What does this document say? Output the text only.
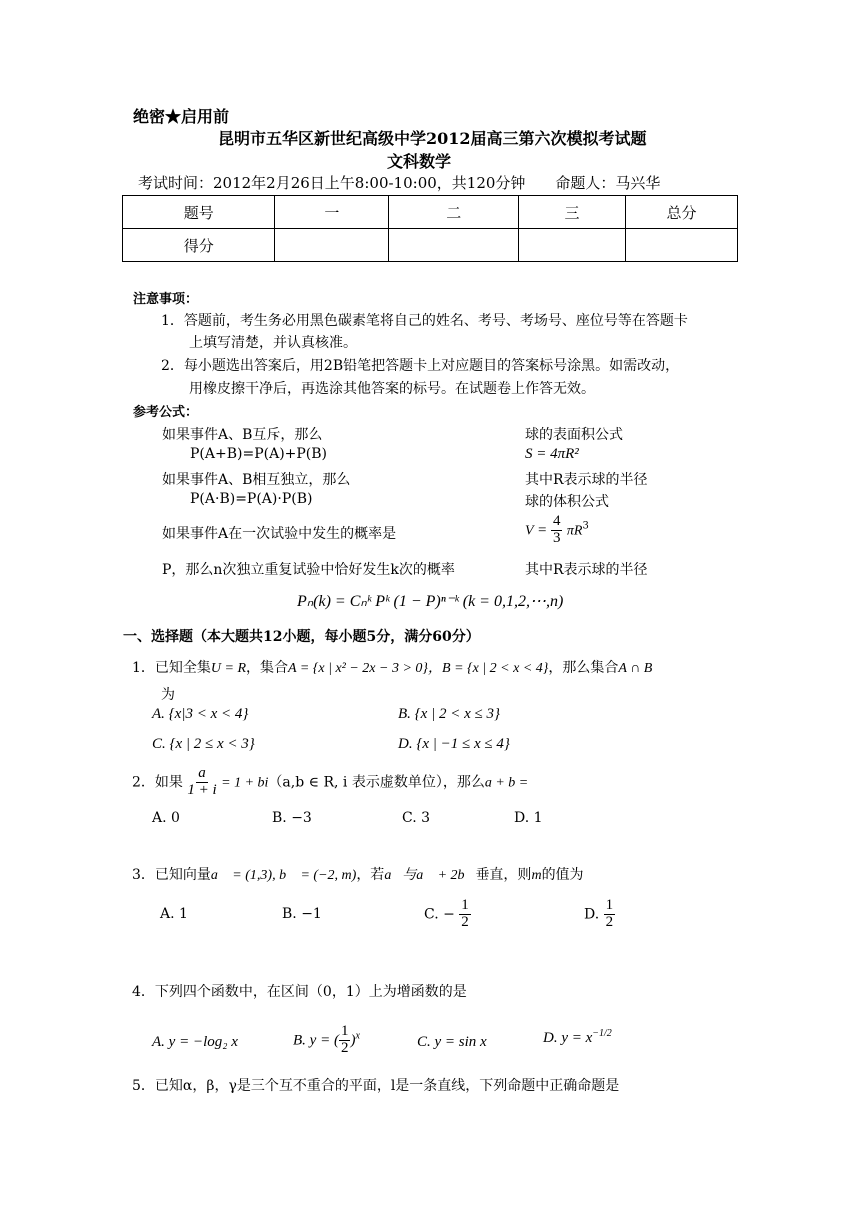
绝密★启用前
昆明市五华区新世纪高级中学2012届高三第六次模拟考试题
文科数学
考试时间：2012年2月26日上午8:00-10:00，共120分钟　　命题人：马兴华
题号	一	二	三	总分
得分				
注意事项：
1．答题前，考生务必用黑色碳素笔将自己的姓名、考号、考场号、座位号等在答题卡
上填写清楚，并认真核准。
2．每小题选出答案后，用2B铅笔把答题卡上对应题目的答案标号涂黑。如需改动，
用橡皮擦干净后，再选涂其他答案的标号。在试题卷上作答无效。
参考公式：
如果事件A、B互斥，那么
P(A+B)=P(A)+P(B)
如果事件A、B相互独立，那么
P(A·B)=P(A)·P(B)
如果事件A在一次试验中发生的概率是
P，那么n次独立重复试验中恰好发生k次的概率
球的表面积公式
S = 4πR²
其中R表示球的半径
球的体积公式
$V = \frac{4}{3} \pi R^3$
其中R表示球的半径
Pₙ(k) = Cₙᵏ Pᵏ (1 − P)ⁿ⁻ᵏ (k = 0,1,2,⋯,n)
一、选择题（本大题共12小题，每小题5分，满分60分）
1．已知全集U = R，集合A = {x | x² − 2x − 3 > 0}，B = {x | 2 < x < 4}，那么集合A ∩ B
为
A. {x|3 < x < 4}	B. {x | 2 < x ≤ 3}
C. {x | 2 ≤ x < 3}	D. {x | −1 ≤ x ≤ 4}
2．如果 $\frac{a}{1 + i} = 1 + bi(a,b$ ∈ R, i 表示虚数单位），那么a + b =
A. 0	B. −3	C. 3	D. 1
3．已知向量a⃗ = (1,3), b⃗ = (−2, m)，若a⃗与a⃗ + 2b⃗垂直，则m的值为
A. 1	B. −1	C. − $\frac{1}{2}$	D. $\frac{1}{2}$
4．下列四个函数中，在区间（0，1）上为增函数的是
A. y = −log₂ x	B. y = ( $\frac{1}{2} )^x$	C. y = sin x	D. $y = x^{-1/2}$
5．已知α，β，γ是三个互不重合的平面，l是一条直线，下列命题中正确命题是
